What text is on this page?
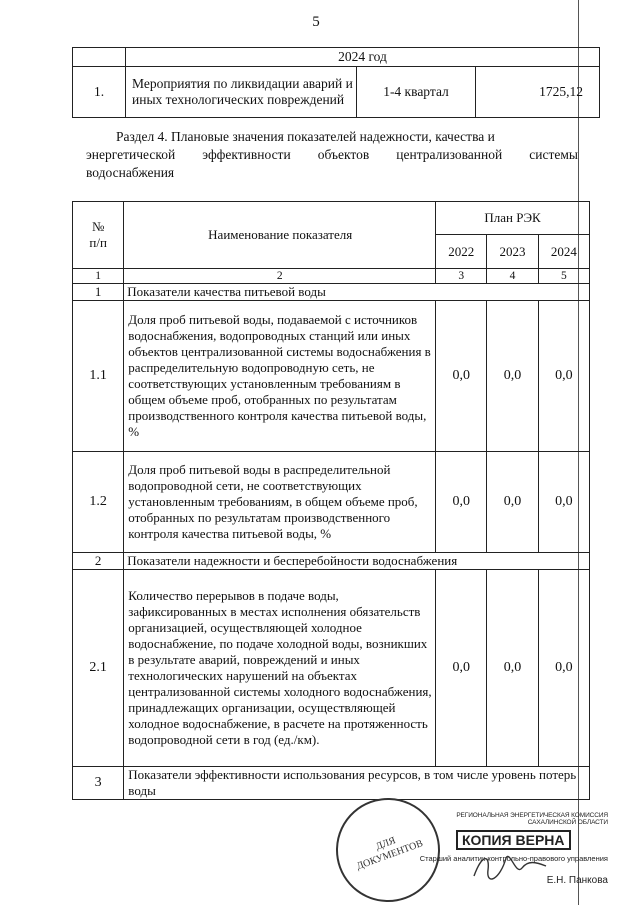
5
	2024 год		
1.	Мероприятия по ликвидации аварий и иных технологических повреждений	1-4 квартал	1725,12
Раздел 4. Плановые значения показателей надежности, качества и
энергетической эффективности объектов централизованной системы
водоснабжения
№
п/п	Наименование показателя	План РЭК		
		2022	2023	2024
1	2	3	4	5
1	Показатели качества питьевой воды			
1.1	Доля проб питьевой воды, подаваемой с источников водоснабжения, водопроводных станций или иных объектов централизованной системы водоснабжения в распределительную водопроводную сеть, не соответствующих установленным требованиям в общем объеме проб, отобранных по результатам производственного контроля качества питьевой воды, %	0,0	0,0	0,0
1.2	Доля проб питьевой воды в распределительной водопроводной сети, не соответствующих установленным требованиям, в общем объеме проб, отобранных по результатам производственного контроля качества питьевой воды, %	0,0	0,0	0,0
2	Показатели надежности и бесперебойности водоснабжения			
2.1	Количество перерывов в подаче воды, зафиксированных в местах исполнения обязательств организацией, осуществляющей холодное водоснабжение, по подаче холодной воды, возникших в результате аварий, повреждений и иных технологических нарушений на объектах централизованной системы холодного водоснабжения, принадлежащих организации, осуществляющей холодное водоснабжение, в расчете на протяженность водопроводной сети в год (ед./км).	0,0	0,0	0,0
3	Показатели эффективности использования ресурсов, в том числе уровень потерь воды			
ДЛЯ ДОКУМЕНТОВ
РЕГИОНАЛЬНАЯ ЭНЕРГЕТИЧЕСКАЯ КОМИССИЯ САХАЛИНСКОЙ ОБЛАСТИ
КОПИЯ ВЕРНА
Старший аналитик контрольно-правового управления
Е.Н. Панкова
